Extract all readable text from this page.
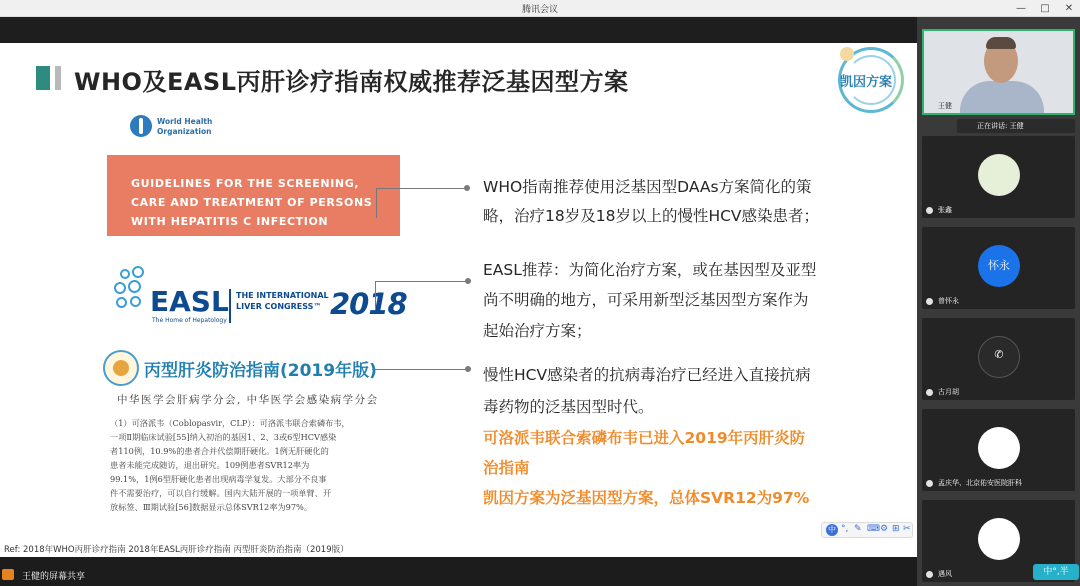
腾讯会议	—	□	✕
WHO及EASL丙肝诊疗指南权威推荐泛基因型方案	凯因方案
World Health
Organization
GUIDELINES FOR THE SCREENING,
CARE AND TREATMENT OF PERSONS
WITH HEPATITIS C INFECTION
EASL
The Home of Hepatology
THE INTERNATIONAL
LIVER CONGRESS™ 2018
丙型肝炎防治指南(2019年版)
中华医学会肝病学分会, 中华医学会感染病学分会
（1）可洛派韦（Coblopasvir，CLP）：可洛派韦联合索磷布韦，
一项Ⅱ期临床试验[55]纳入初治的基因1、2、3或6型HCV感染
者110例，10.9%的患者合并代偿期肝硬化。1例无肝硬化的
患者未能完成随访，退出研究。109例患者SVR12率为
99.1%，1例6型肝硬化患者出现病毒学复发。大部分不良事
件不需要治疗，可以自行缓解。国内大陆开展的一项单臂、开
放标签、Ⅲ期试验[56]数据显示总体SVR12率为97%。
WHO指南推荐使用泛基因型DAAs方案简化的策
略，治疗18岁及18岁以上的慢性HCV感染患者；
EASL推荐：为简化治疗方案，或在基因型及亚型
尚不明确的地方，可采用新型泛基因型方案作为
起始治疗方案；
慢性HCV感染者的抗病毒治疗已经进入直接抗病
毒药物的泛基因型时代。
可洛派韦联合索磷布韦已进入2019年丙肝炎防
治指南
凯因方案为泛基因型方案，总体SVR12为97%
Ref: 2018年WHO丙肝诊疗指南 2018年EASL丙肝诊疗指南 丙型肝炎防治指南（2019版）
中 °, ✎ ⌨ ⚙ ⊞ ✂
王健的屏幕共享
王健
正在讲话: 王健
张鑫
怀永
曾怀永
✆
古月胡
孟庆华、北京佑安医院肝科
遇风	中°,半
